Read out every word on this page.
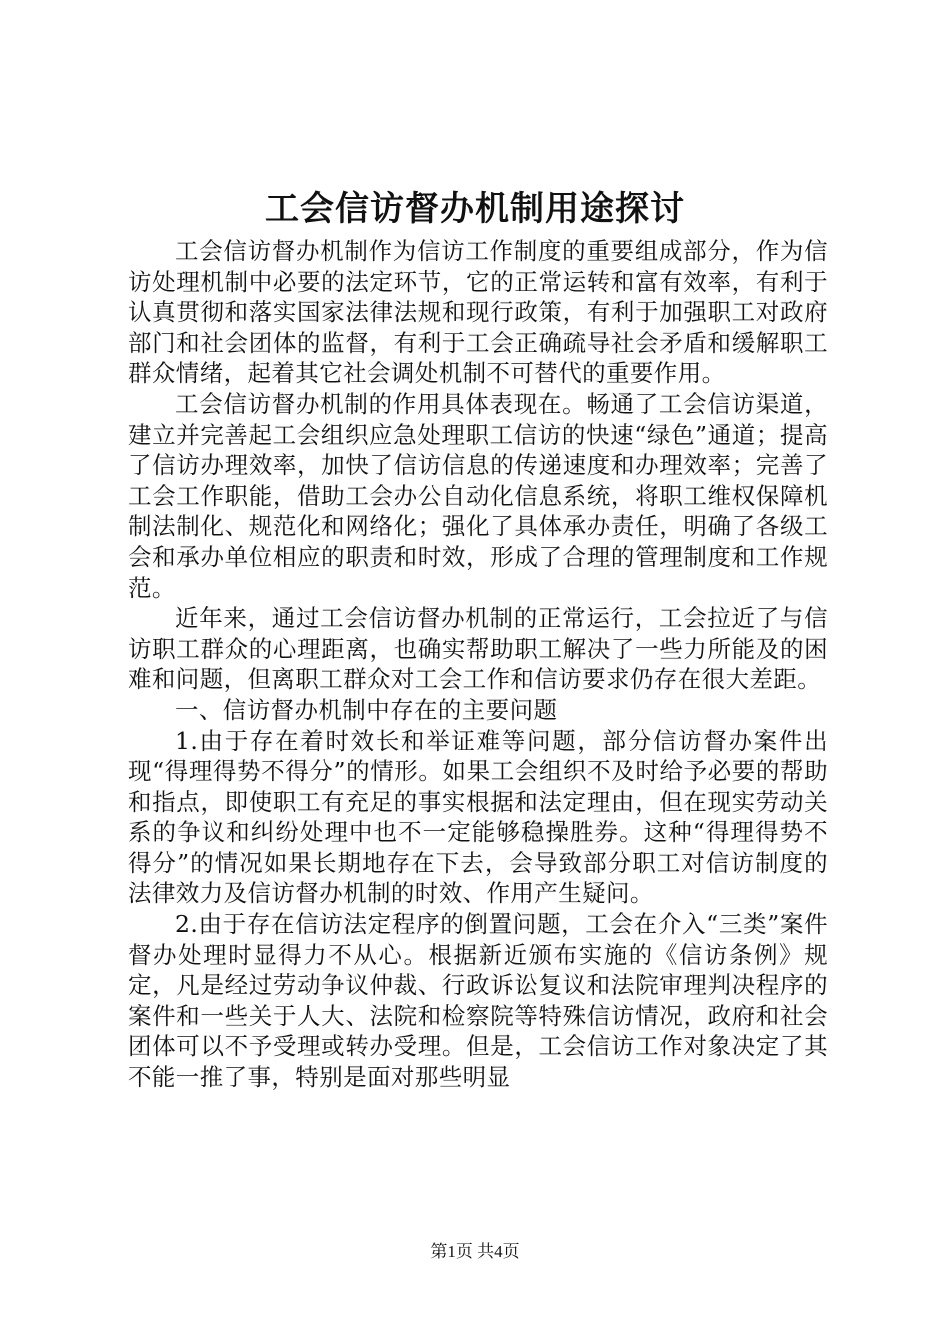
工会信访督办机制用途探讨

工会信访督办机制作为信访工作制度的重要组成部分，作为信访处理机制中必要的法定环节，它的正常运转和富有效率，有利于认真贯彻和落实国家法律法规和现行政策，有利于加强职工对政府部门和社会团体的监督，有利于工会正确疏导社会矛盾和缓解职工群众情绪，起着其它社会调处机制不可替代的重要作用。

工会信访督办机制的作用具体表现在。畅通了工会信访渠道，建立并完善起工会组织应急处理职工信访的快速“绿色”通道；提高了信访办理效率，加快了信访信息的传递速度和办理效率；完善了工会工作职能，借助工会办公自动化信息系统，将职工维权保障机制法制化、规范化和网络化；强化了具体承办责任，明确了各级工会和承办单位相应的职责和时效，形成了合理的管理制度和工作规范。

近年来，通过工会信访督办机制的正常运行，工会拉近了与信访职工群众的心理距离，也确实帮助职工解决了一些力所能及的困难和问题，但离职工群众对工会工作和信访要求仍存在很大差距。

一、信访督办机制中存在的主要问题

1.由于存在着时效长和举证难等问题，部分信访督办案件出现“得理得势不得分”的情形。如果工会组织不及时给予必要的帮助和指点，即使职工有充足的事实根据和法定理由，但在现实劳动关系的争议和纠纷处理中也不一定能够稳操胜券。这种“得理得势不得分”的情况如果长期地存在下去，会导致部分职工对信访制度的法律效力及信访督办机制的时效、作用产生疑问。

2.由于存在信访法定程序的倒置问题，工会在介入“三类”案件督办处理时显得力不从心。根据新近颁布实施的《信访条例》规定，凡是经过劳动争议仲裁、行政诉讼复议和法院审理判决程序的案件和一些关于人大、法院和检察院等特殊信访情况，政府和社会团体可以不予受理或转办受理。但是，工会信访工作对象决定了其不能一推了事，特别是面对那些明显

第1页 共4页
